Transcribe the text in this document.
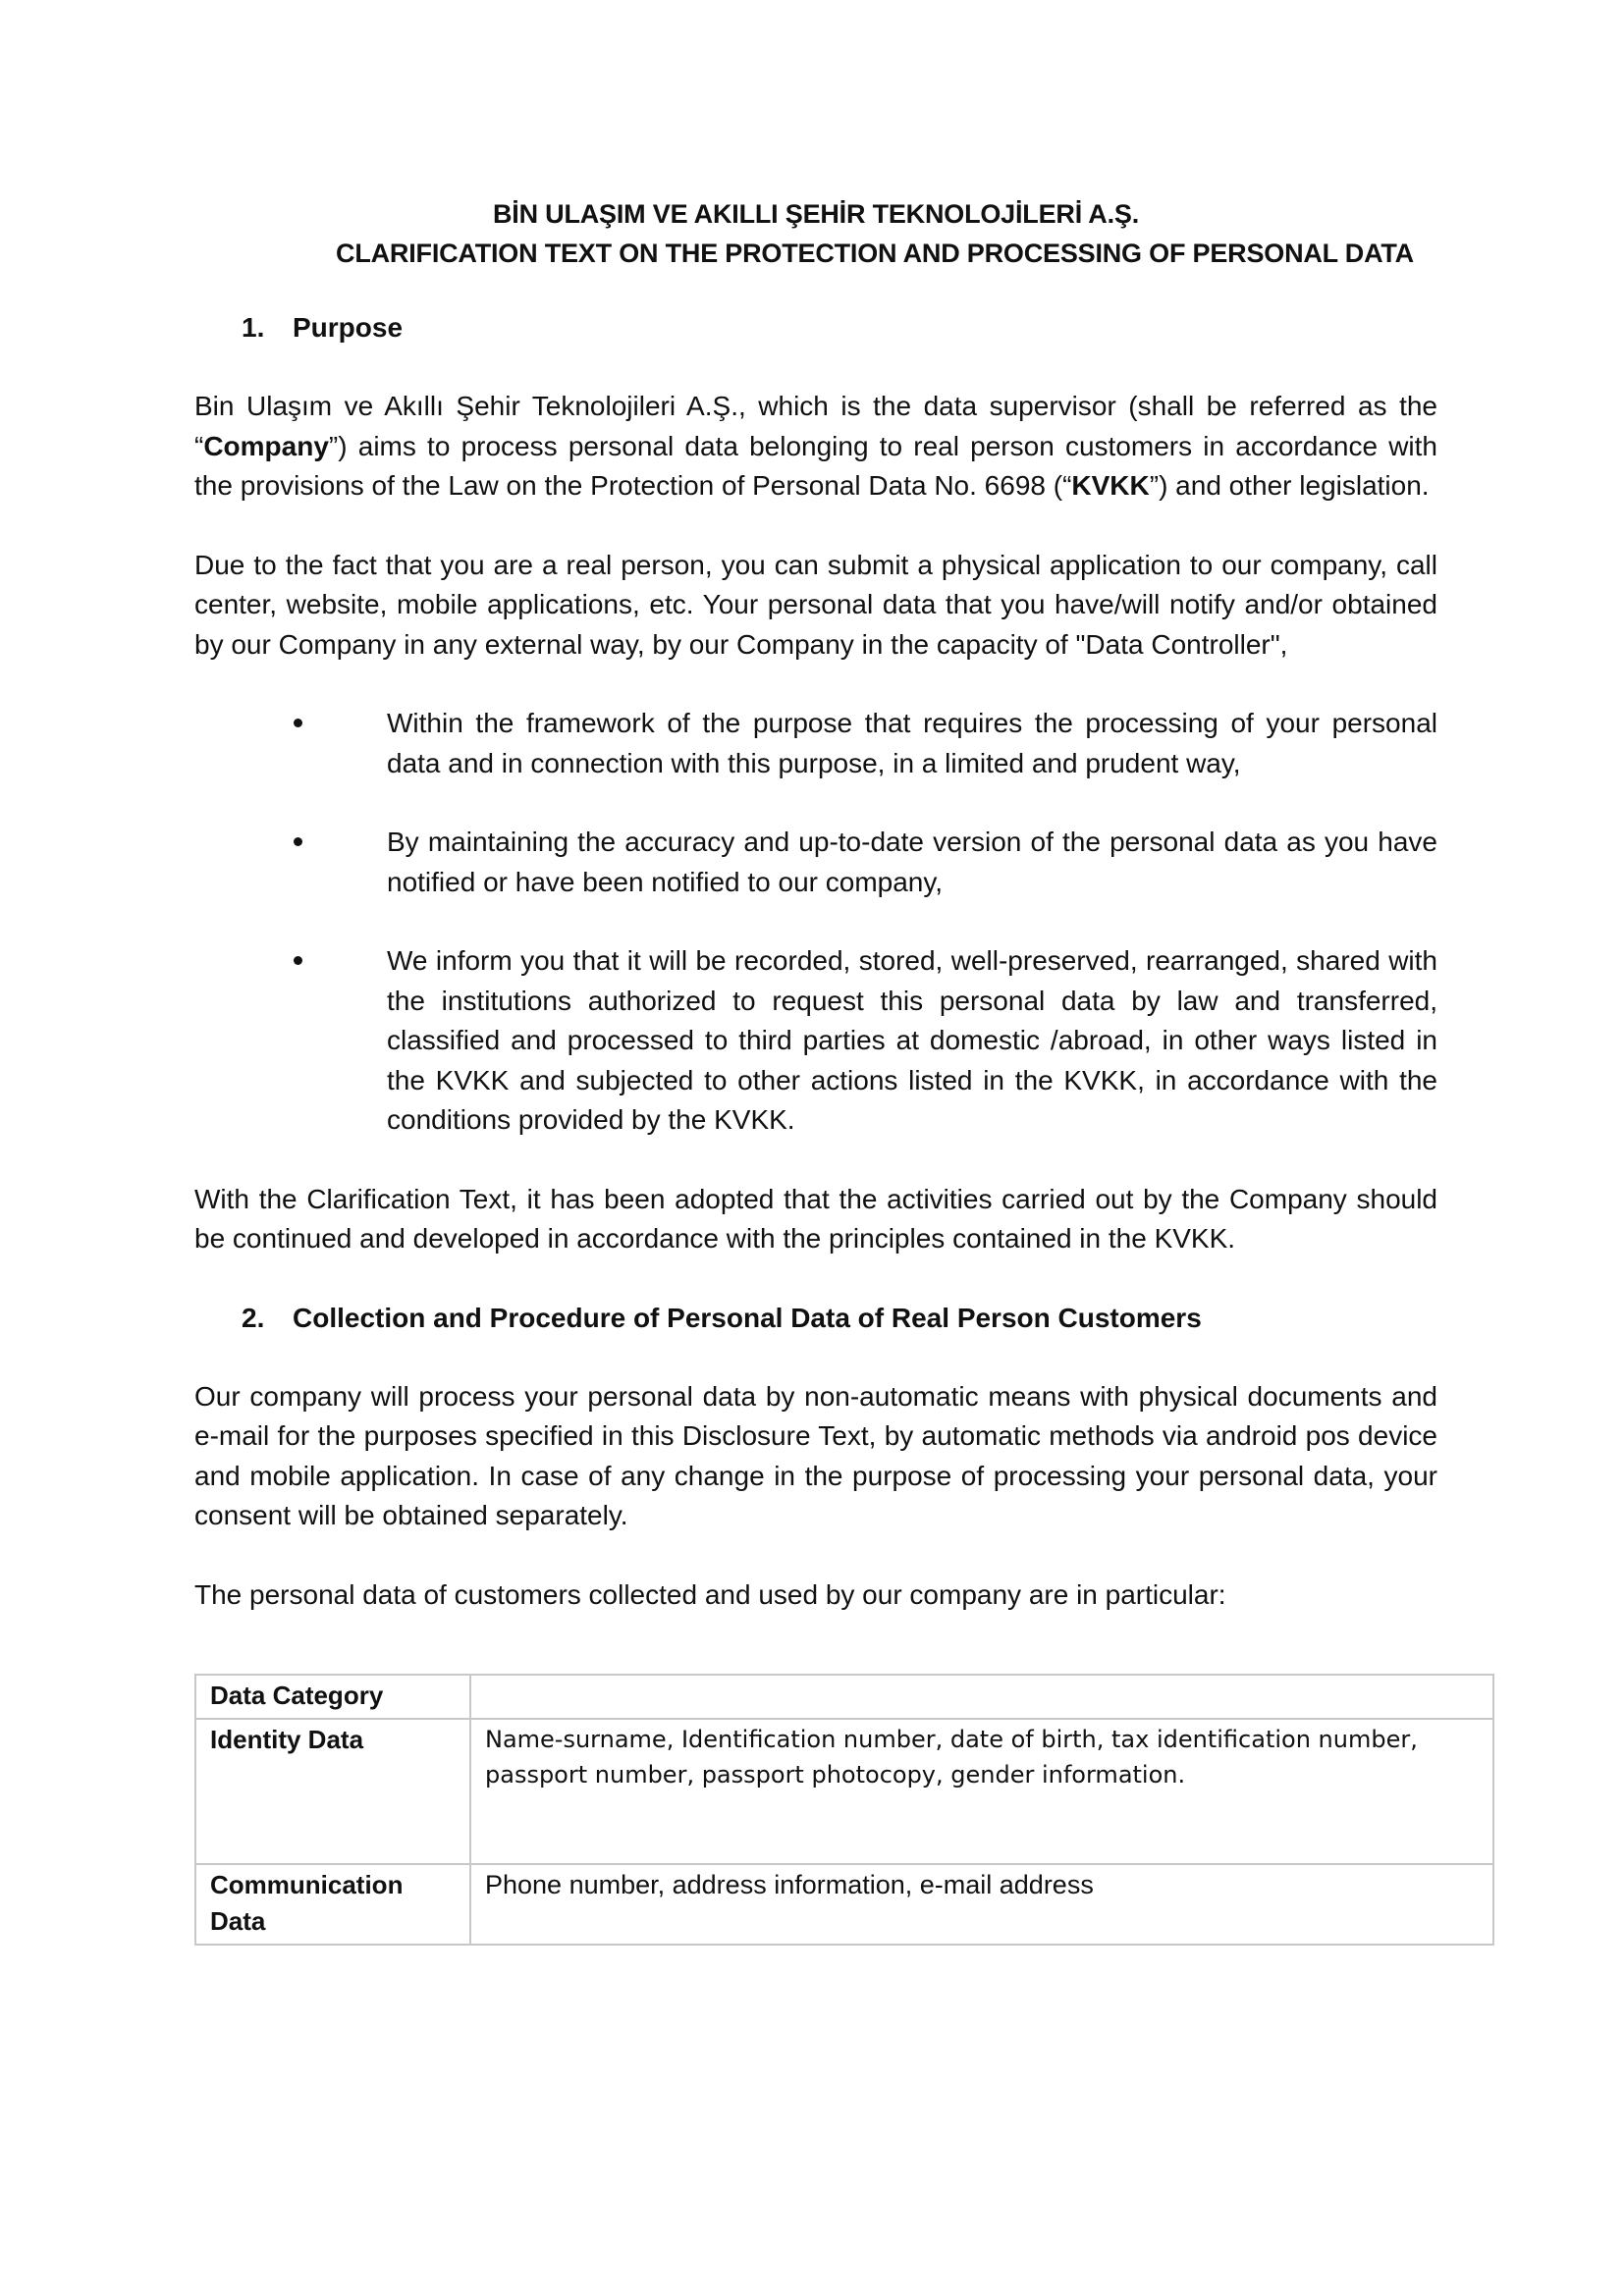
BİN ULAŞIM VE AKILLI ŞEHİR TEKNOLOJİLERİ A.Ş.
CLARIFICATION TEXT ON THE PROTECTION AND PROCESSING OF PERSONAL DATA
1.	Purpose

Bin Ulaşım ve Akıllı Şehir Teknolojileri A.Ş., which is the data supervisor (shall be referred as the “Company”) aims to process personal data belonging to real person customers in accordance with the provisions of the Law on the Protection of Personal Data No. 6698 (“KVKK”) and other legislation.

Due to the fact that you are a real person, you can submit a physical application to our company, call center, website, mobile applications, etc. Your personal data that you have/will notify and/or obtained by our Company in any external way, by our Company in the capacity of "Data Controller",

Within the framework of the purpose that requires the processing of your personal data and in connection with this purpose, in a limited and prudent way,
By maintaining the accuracy and up-to-date version of the personal data as you have notified or have been notified to our company,
We inform you that it will be recorded, stored, well-preserved, rearranged, shared with the institutions authorized to request this personal data by law and transferred, classified and processed to third parties at domestic /abroad, in other ways listed in the KVKK and subjected to other actions listed in the KVKK, in accordance with the conditions provided by the KVKK.

With the Clarification Text, it has been adopted that the activities carried out by the Company should be continued and developed in accordance with the principles contained in the KVKK.

2.	Collection and Procedure of Personal Data of Real Person Customers

Our company will process your personal data by non-automatic means with physical documents and e-mail for the purposes specified in this Disclosure Text, by automatic methods via android pos device and mobile application. In case of any change in the purpose of processing your personal data, your consent will be obtained separately.

The personal data of customers collected and used by our company are in particular:

Data Category	
Identity Data	Name-surname, Identification number, date of birth, tax identification number, passport number, passport photocopy, gender information.
Communication Data	Phone number, address information, e-mail address
